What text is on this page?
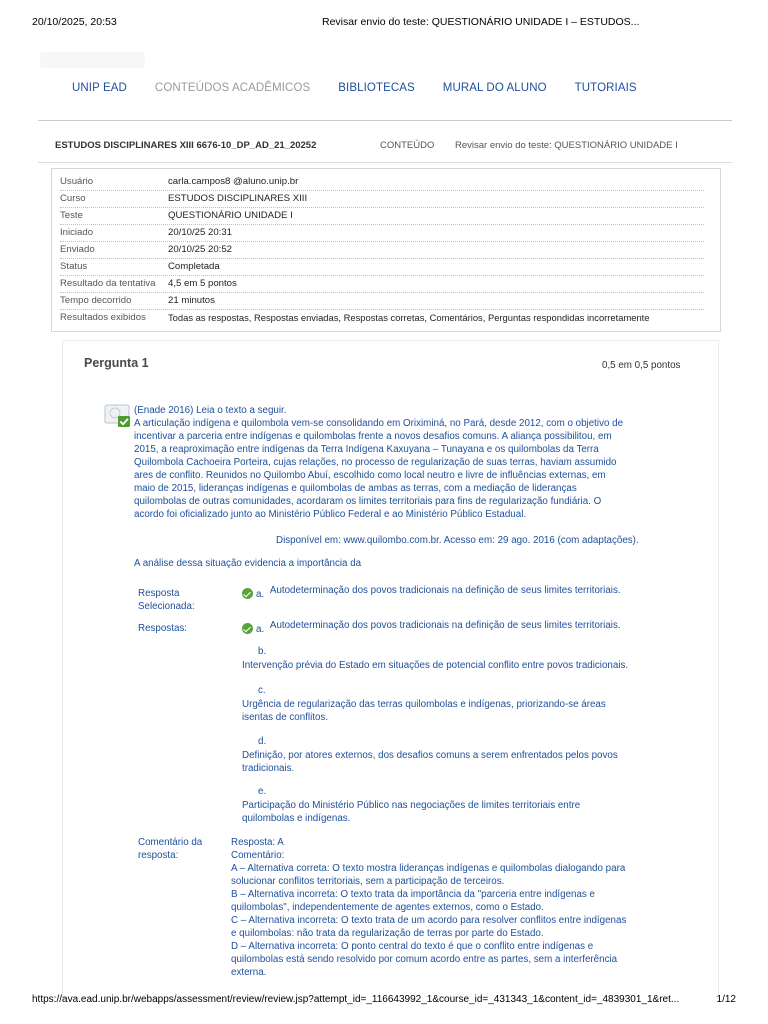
20/10/2025, 20:53	Revisar envio do teste: QUESTIONÁRIO UNIDADE I – ESTUDOS...
UNIP EAD CONTEÚDOS ACADÊMICOS BIBLIOTECAS MURAL DO ALUNO TUTORIAIS
ESTUDOS DISCIPLINARES XIII 6676-10_DP_AD_21_20252	CONTEÚDO Revisar envio do teste: QUESTIONÁRIO UNIDADE I
Usuário	carla.campos8 @aluno.unip.br
Curso	ESTUDOS DISCIPLINARES XIII
Teste	QUESTIONÁRIO UNIDADE I
Iniciado	20/10/25 20:31
Enviado	20/10/25 20:52
Status	Completada
Resultado da tentativa 4,5 em 5 pontos
Tempo decorrido	21 minutos
Resultados exibidos Todas as respostas, Respostas enviadas, Respostas corretas, Comentários, Perguntas respondidas incorretamente
Pergunta 1	0,5 em 0,5 pontos
(Enade 2016) Leia o texto a seguir.
A articulação indígena e quilombola vem-se consolidando em Oriximiná, no Pará, desde 2012, com o objetivo de
incentivar a parceria entre indígenas e quilombolas frente a novos desafios comuns. A aliança possibilitou, em
2015, a reaproximação entre indígenas da Terra Indígena Kaxuyana – Tunayana e os quilombolas da Terra
Quilombola Cachoeira Porteira, cujas relações, no processo de regularização de suas terras, haviam assumido
ares de conflito. Reunidos no Quilombo Abuí, escolhido como local neutro e livre de influências externas, em
maio de 2015, lideranças indígenas e quilombolas de ambas as terras, com a mediação de lideranças
quilombolas de outras comunidades, acordaram os limites territoriais para fins de regularização fundiária. O
acordo foi oficializado junto ao Ministério Público Federal e ao Ministério Público Estadual.
Disponível em: www.quilombo.com.br. Acesso em: 29 ago. 2016 (com adaptações).
A análise dessa situação evidencia a importância da
Resposta
Selecionada:
a. Autodeterminação dos povos tradicionais na definição de seus limites territoriais.
Respostas:	a. Autodeterminação dos povos tradicionais na definição de seus limites territoriais.
b.
Intervenção prévia do Estado em situações de potencial conflito entre povos tradicionais.
c.
Urgência de regularização das terras quilombolas e indígenas, priorizando-se áreas
isentas de conflitos.
d.
Definição, por atores externos, dos desafios comuns a serem enfrentados pelos povos
tradicionais.
e.
Participação do Ministério Público nas negociações de limites territoriais entre
quilombolas e indígenas.
Comentário da
resposta:
Resposta: A
Comentário:
A – Alternativa correta: O texto mostra lideranças indígenas e quilombolas dialogando para
solucionar conflitos territoriais, sem a participação de terceiros.
B – Alternativa incorreta: O texto trata da importância da "parceria entre indígenas e
quilombolas", independentemente de agentes externos, como o Estado.
C – Alternativa incorreta: O texto trata de um acordo para resolver conflitos entre indígenas
e quilombolas: não trata da regularização de terras por parte do Estado.
D – Alternativa incorreta: O ponto central do texto é que o conflito entre indígenas e
quilombolas está sendo resolvido por comum acordo entre as partes, sem a interferência
externa.
https://ava.ead.unip.br/webapps/assessment/review/review.jsp?attempt_id=_116643992_1&course_id=_431343_1&content_id=_4839301_1&ret...	1/12
